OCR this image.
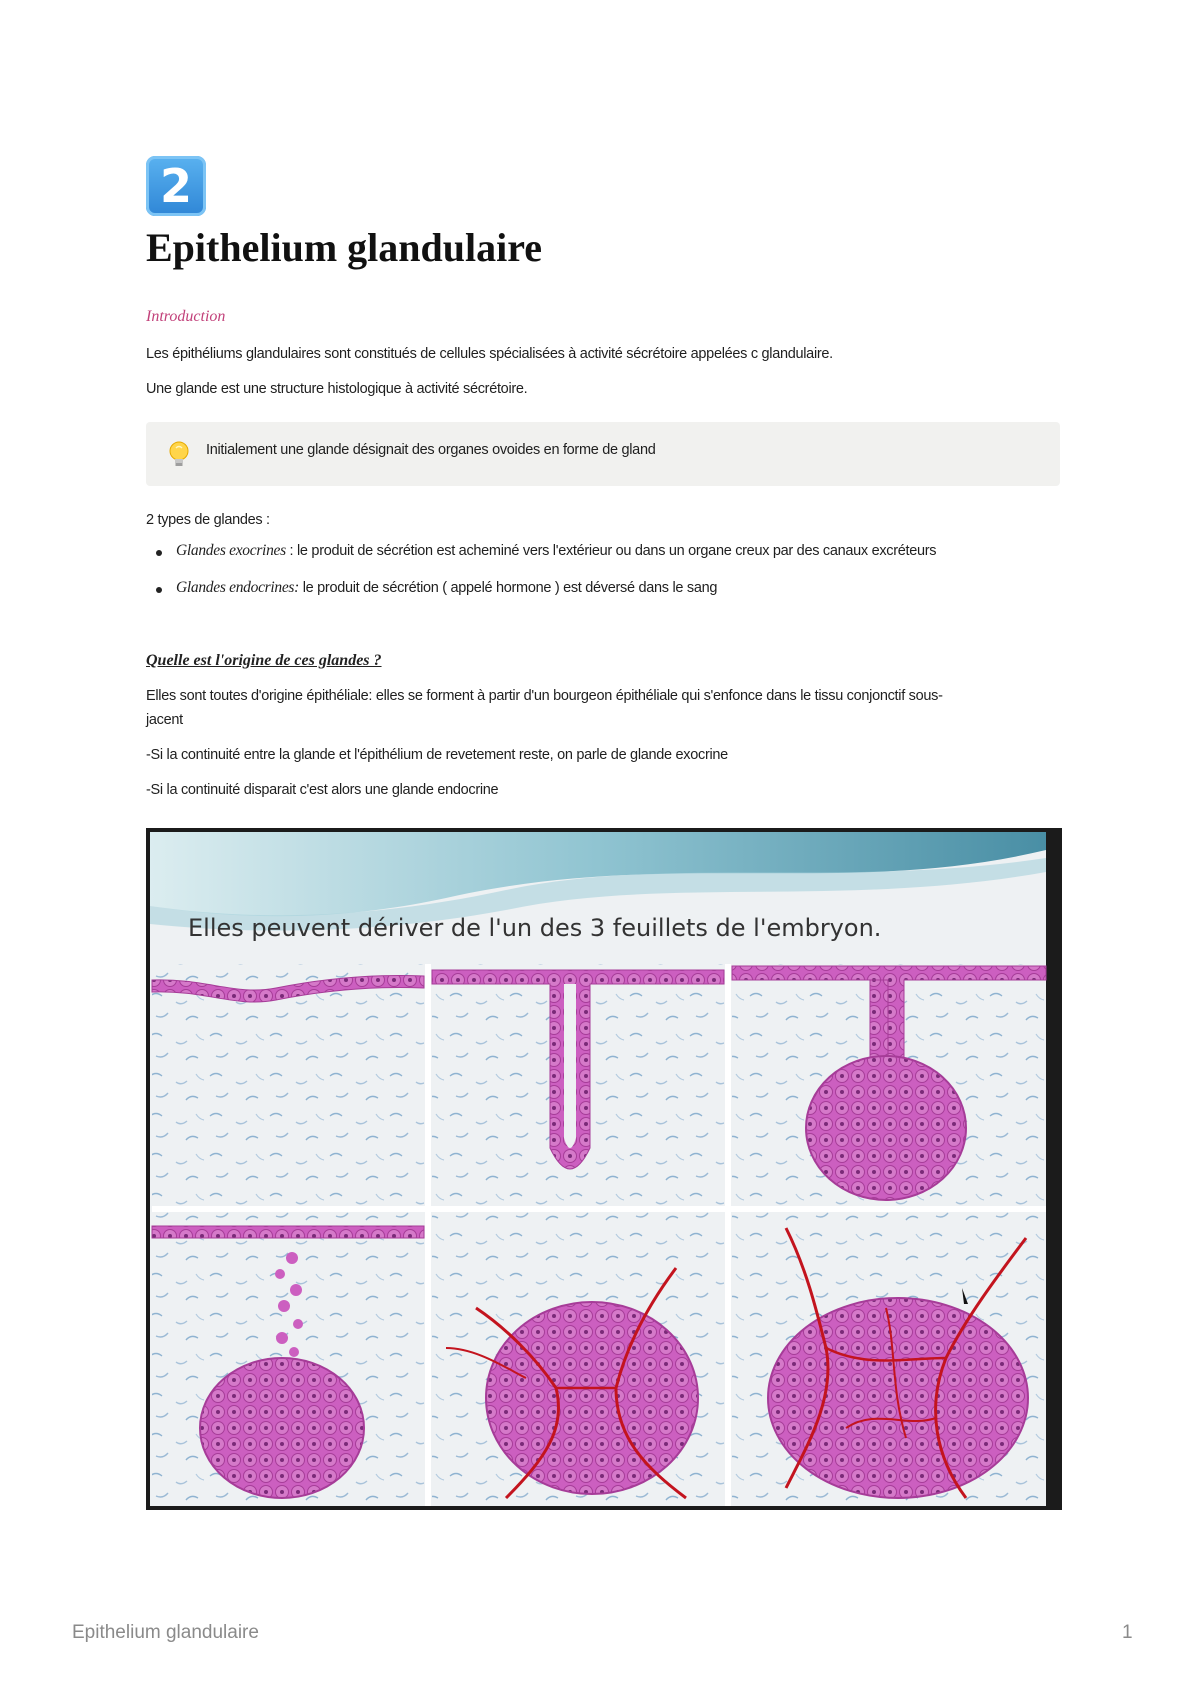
2
Epithelium glandulaire

Introduction

Les épithéliums glandulaires sont constitués de cellules spécialisées à activité sécrétoire appelées c glandulaire.

Une glande est une structure histologique à activité sécrétoire.

Initialement une glande désignait des organes ovoides en forme de gland

2 types de glandes :

Glandes exocrines : le produit de sécrétion est acheminé vers l'extérieur ou dans un organe creux par des canaux excréteurs
Glandes endocrines: le produit de sécrétion ( appelé hormone ) est déversé dans le sang

Quelle est l'origine de ces glandes ?

Elles sont toutes d'origine épithéliale: elles se forment à partir d'un bourgeon épithéliale qui s'enfonce dans le tissu conjonctif sous-

jacent

-Si la continuité entre la glande et l'épithélium de revetement reste, on parle de glande exocrine

-Si la continuité disparait c'est alors une glande endocrine

Elles peuvent dériver de l'un des 3 feuillets de l'embryon.
Epithelium glandulaire	1
